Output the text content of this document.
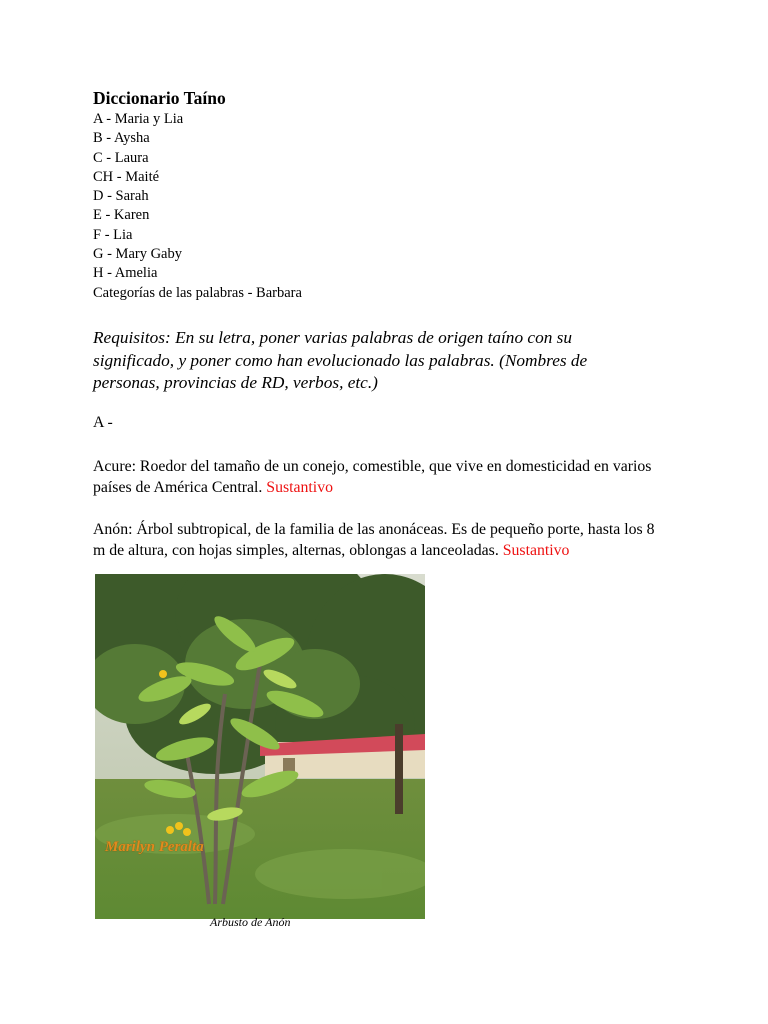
Diccionario Taíno
A - Maria y Lia
B - Aysha
C - Laura
CH - Maité
D - Sarah
E - Karen
F - Lia
G - Mary Gaby
H - Amelia
Categorías de las palabras - Barbara

Requisitos: En su letra, poner varias palabras de origen taíno con su significado, y poner como han evolucionado las palabras. (Nombres de personas, provincias de RD, verbos, etc.)

A -

Acure: Roedor del tamaño de un conejo, comestible, que vive en domesticidad en varios países de América Central. Sustantivo

Anón: Árbol subtropical, de la familia de las anonáceas. Es de pequeño porte, hasta los 8 m de altura, con hojas simples, alternas, oblongas a lanceoladas. Sustantivo

Marilyn Peralta

Arbusto de Anón
